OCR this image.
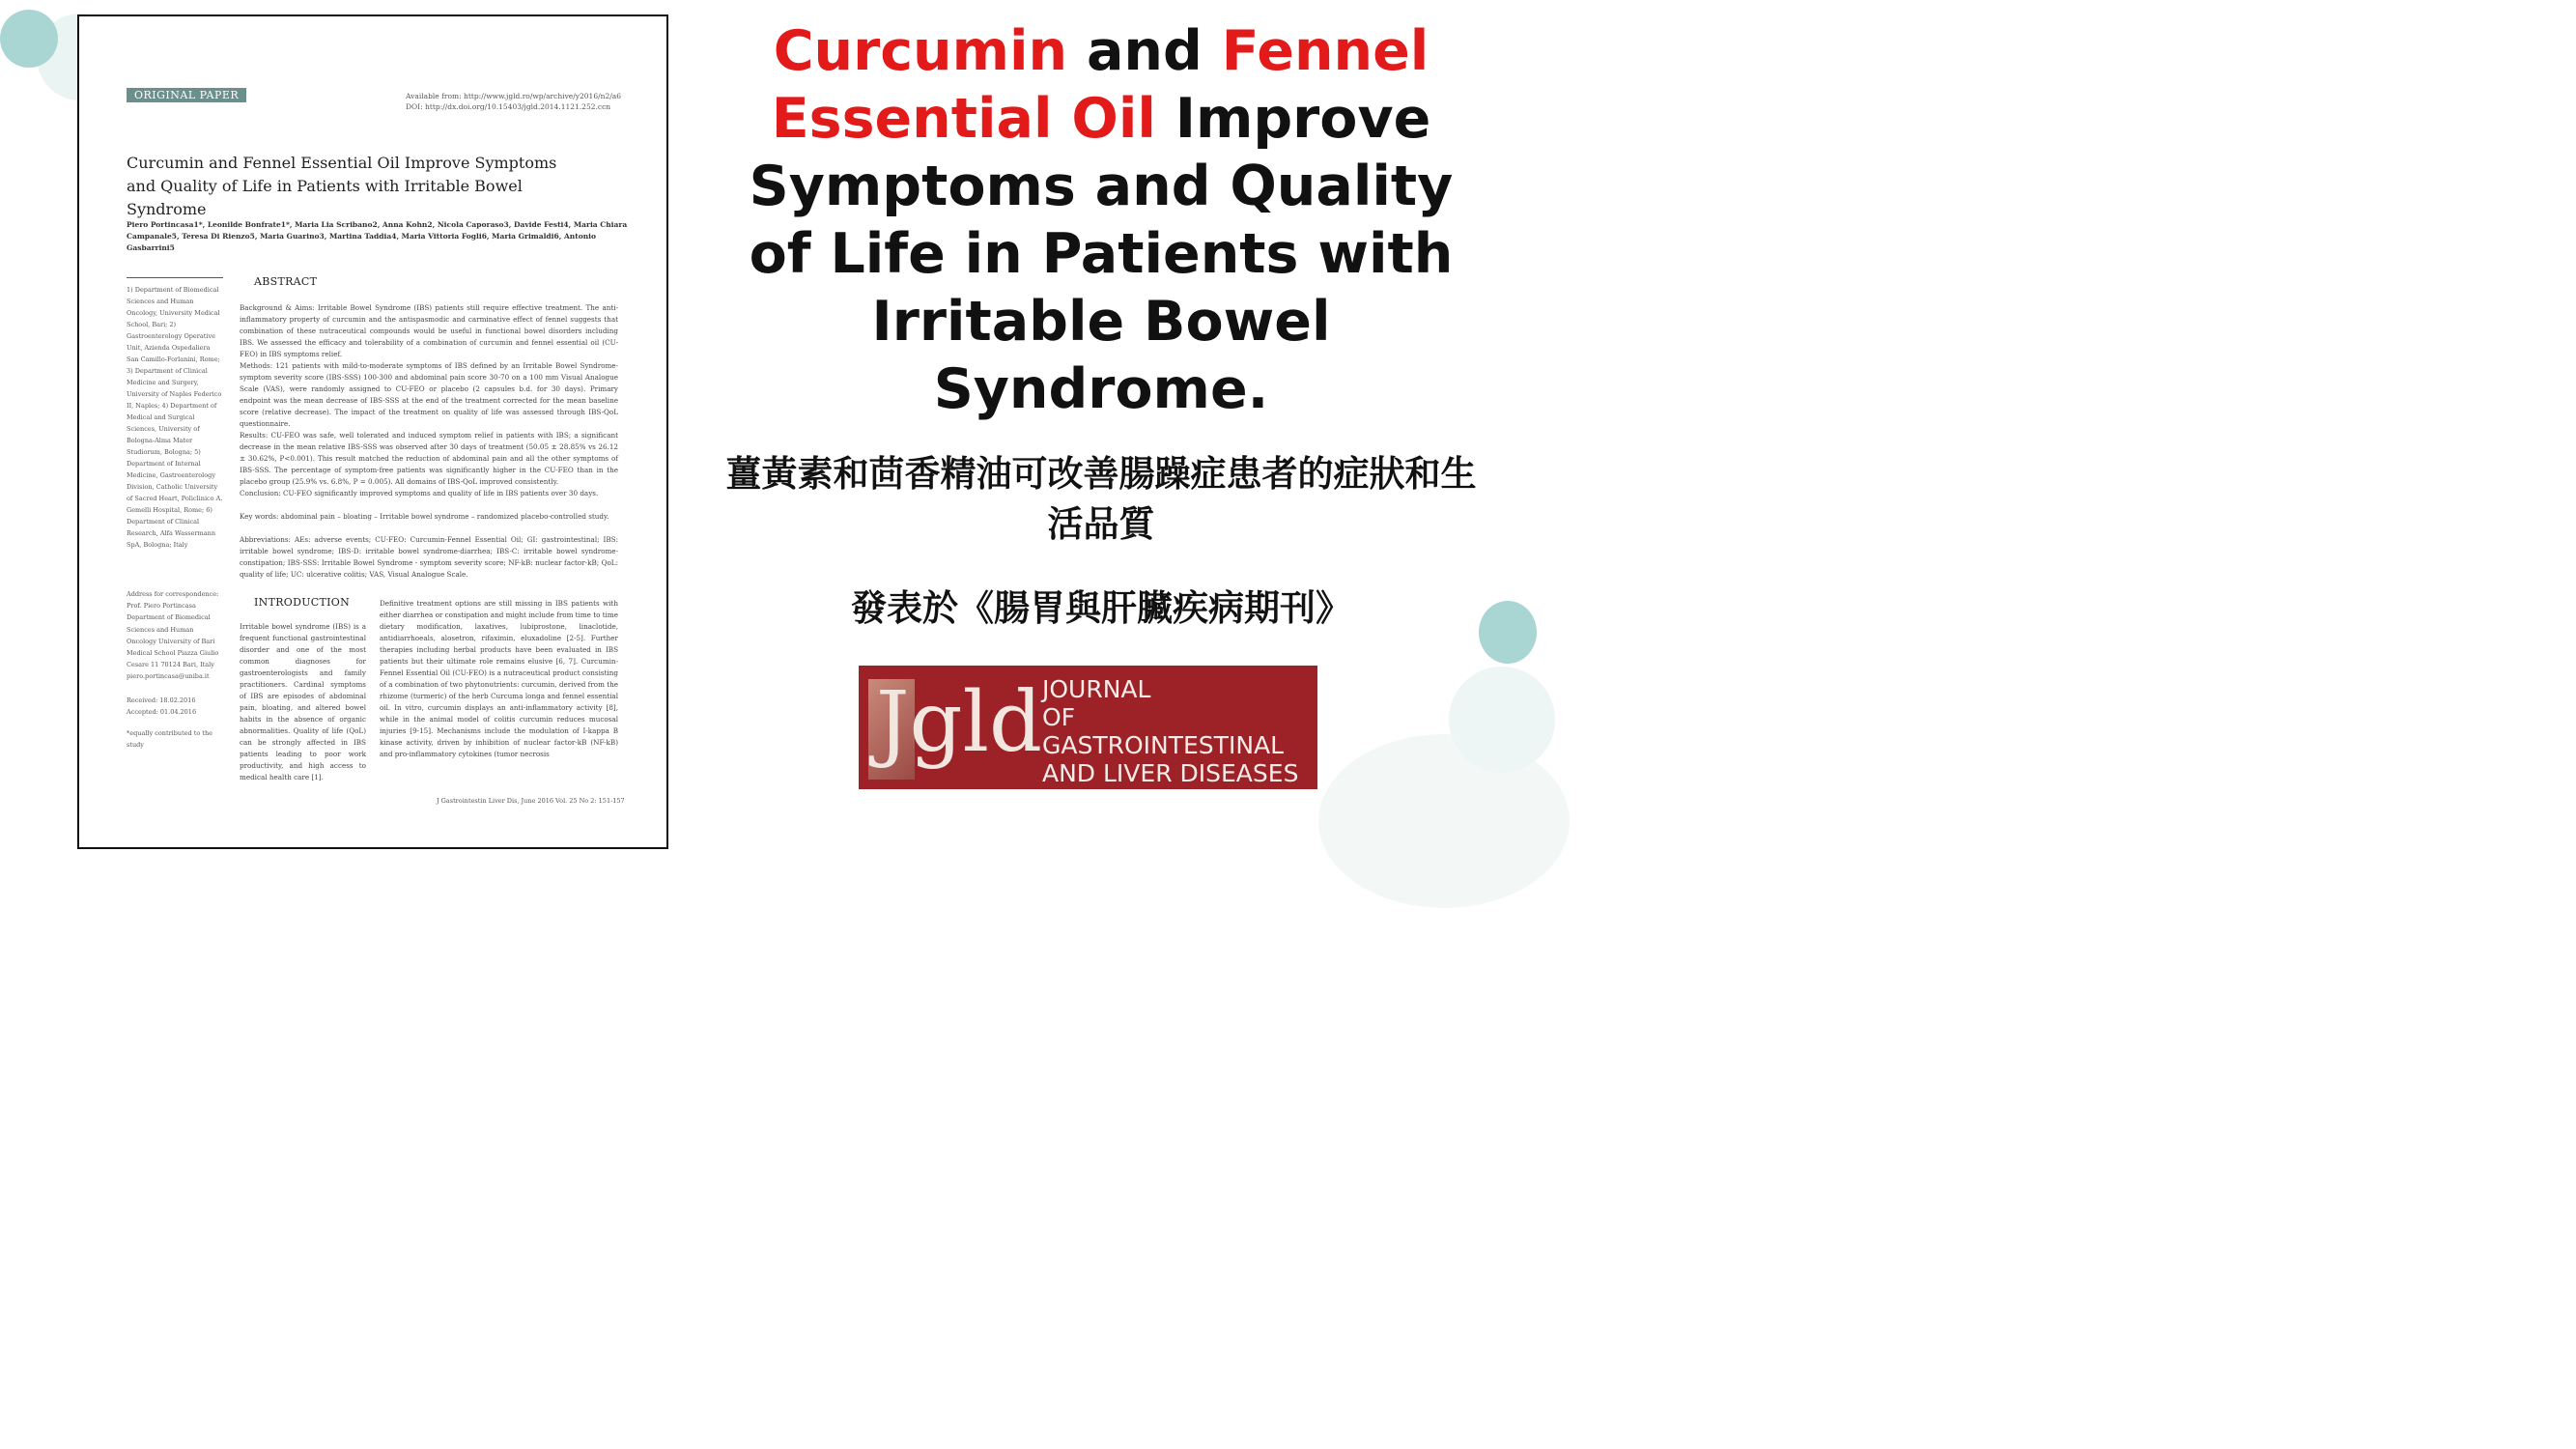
ORIGINAL PAPER	Available from: http://www.jgld.ro/wp/archive/y2016/n2/a6
DOI: http://dx.doi.org/10.15403/jgld.2014.1121.252.ccn
Curcumin and Fennel Essential Oil Improve Symptoms and Quality of Life in Patients with Irritable Bowel Syndrome
Piero Portincasa1*, Leonilde Bonfrate1*, Maria Lia Scribano2, Anna Kohn2, Nicola Caporaso3, Davide Festi4, Maria Chiara Campanale5, Teresa Di Rienzo5, Maria Guarino3, Martina Taddia4, Maria Vittoria Fogli6, Maria Grimaldi6, Antonio Gasbarrini5
1) Department of Biomedical Sciences and Human Oncology, University Medical School, Bari; 2) Gastroenterology Operative Unit, Azienda Ospedaliera San Camillo-Forlanini, Rome; 3) Department of Clinical Medicine and Surgery, University of Naples Federico II, Naples; 4) Department of Medical and Surgical Sciences, University of Bologna-Alma Mater Studiorum, Bologna; 5) Department of Internal Medicine, Gastroenterology Division, Catholic University of Sacred Heart, Policlinico A. Gemelli Hospital, Rome; 6) Department of Clinical Research, Alfa Wassermann SpA, Bologna; Italy
Address for correspondence: Prof. Piero Portincasa Department of Biomedical Sciences and Human Oncology University of Bari Medical School Piazza Giulio Cesare 11 70124 Bari, Italy piero.portincasa@uniba.it
Received: 18.02.2016
Accepted: 01.04.2016
*equally contributed to the study
ABSTRACT

Background & Aims: Irritable Bowel Syndrome (IBS) patients still require effective treatment. The anti-inflammatory property of curcumin and the antispasmodic and carminative effect of fennel suggests that combination of these nutraceutical compounds would be useful in functional bowel disorders including IBS. We assessed the efficacy and tolerability of a combination of curcumin and fennel essential oil (CU-FEO) in IBS symptoms relief.

Methods: 121 patients with mild-to-moderate symptoms of IBS defined by an Irritable Bowel Syndrome-symptom severity score (IBS-SSS) 100-300 and abdominal pain score 30-70 on a 100 mm Visual Analogue Scale (VAS), were randomly assigned to CU-FEO or placebo (2 capsules b.d. for 30 days). Primary endpoint was the mean decrease of IBS-SSS at the end of the treatment corrected for the mean baseline score (relative decrease). The impact of the treatment on quality of life was assessed through IBS-QoL questionnaire.

Results: CU-FEO was safe, well tolerated and induced symptom relief in patients with IBS; a significant decrease in the mean relative IBS-SSS was observed after 30 days of treatment (50.05 ± 28.85% vs 26.12 ± 30.62%, P<0.001). This result matched the reduction of abdominal pain and all the other symptoms of IBS-SSS. The percentage of symptom-free patients was significantly higher in the CU-FEO than in the placebo group (25.9% vs. 6.8%, P = 0.005). All domains of IBS-QoL improved consistently.

Conclusion: CU-FEO significantly improved symptoms and quality of life in IBS patients over 30 days.

Key words: abdominal pain – bloating – Irritable bowel syndrome – randomized placebo-controlled study.

Abbreviations: AEs: adverse events; CU-FEO: Curcumin-Fennel Essential Oil; GI: gastrointestinal; IBS: irritable bowel syndrome; IBS-D: irritable bowel syndrome-diarrhea; IBS-C: irritable bowel syndrome-constipation; IBS-SSS: Irritable Bowel Syndrome - symptom severity score; NF-kB: nuclear factor-kB; QoL: quality of life; UC: ulcerative colitis; VAS, Visual Analogue Scale.

INTRODUCTION
Irritable bowel syndrome (IBS) is a frequent functional gastrointestinal disorder and one of the most common diagnoses for gastroenterologists and family practitioners. Cardinal symptoms of IBS are episodes of abdominal pain, bloating, and altered bowel habits in the absence of organic abnormalities. Quality of life (QoL) can be strongly affected in IBS patients leading to poor work productivity, and high access to medical health care [1].
Definitive treatment options are still missing in IBS patients with either diarrhea or constipation and might include from time to time dietary modification, laxatives, lubiprostone, linaclotide, antidiarrhoeals, alosetron, rifaximin, eluxadoline [2-5]. Further therapies including herbal products have been evaluated in IBS patients but their ultimate role remains elusive [6, 7]. Curcumin-Fennel Essential Oil (CU-FEO) is a nutraceutical product consisting of a combination of two phytonutrients: curcumin, derived from the rhizome (turmeric) of the herb Curcuma longa and fennel essential oil. In vitro, curcumin displays an anti-inflammatory activity [8], while in the animal model of colitis curcumin reduces mucosal injuries [9-15]. Mechanisms include the modulation of I-kappa B kinase activity, driven by inhibition of nuclear factor-kB (NF-kB) and pro-inflammatory cytokines (tumor necrosis
J Gastrointestin Liver Dis, June 2016 Vol. 25 No 2: 151-157
Curcumin and Fennel Essential Oil Improve Symptoms and Quality of Life in Patients with Irritable Bowel Syndrome.
薑黃素和茴香精油可改善腸躁症患者的症狀和生活品質
發表於《腸胃與肝臟疾病期刊》
Jgld JOURNAL
OF
GASTROINTESTINAL
AND LIVER DISEASES
